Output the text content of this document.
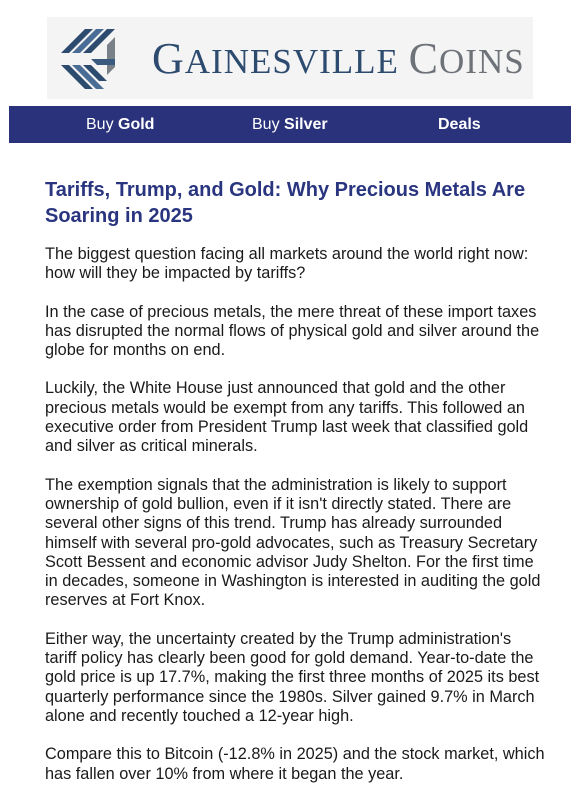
GAINESVILLE COINS
Buy Gold	Buy Silver	Deals
Tariffs, Trump, and Gold: Why Precious Metals Are Soaring in 2025

The biggest question facing all markets around the world right now: how will they be impacted by tariffs?

In the case of precious metals, the mere threat of these import taxes has disrupted the normal flows of physical gold and silver around the globe for months on end.

Luckily, the White House just announced that gold and the other precious metals would be exempt from any tariffs. This followed an executive order from President Trump last week that classified gold and silver as critical minerals.

The exemption signals that the administration is likely to support ownership of gold bullion, even if it isn't directly stated. There are several other signs of this trend. Trump has already surrounded himself with several pro-gold advocates, such as Treasury Secretary Scott Bessent and economic advisor Judy Shelton. For the first time in decades, someone in Washington is interested in auditing the gold reserves at Fort Knox.

Either way, the uncertainty created by the Trump administration's tariff policy has clearly been good for gold demand. Year-to-date the gold price is up 17.7%, making the first three months of 2025 its best quarterly performance since the 1980s. Silver gained 9.7% in March alone and recently touched a 12-year high.

Compare this to Bitcoin (-12.8% in 2025) and the stock market, which has fallen over 10% from where it began the year.
